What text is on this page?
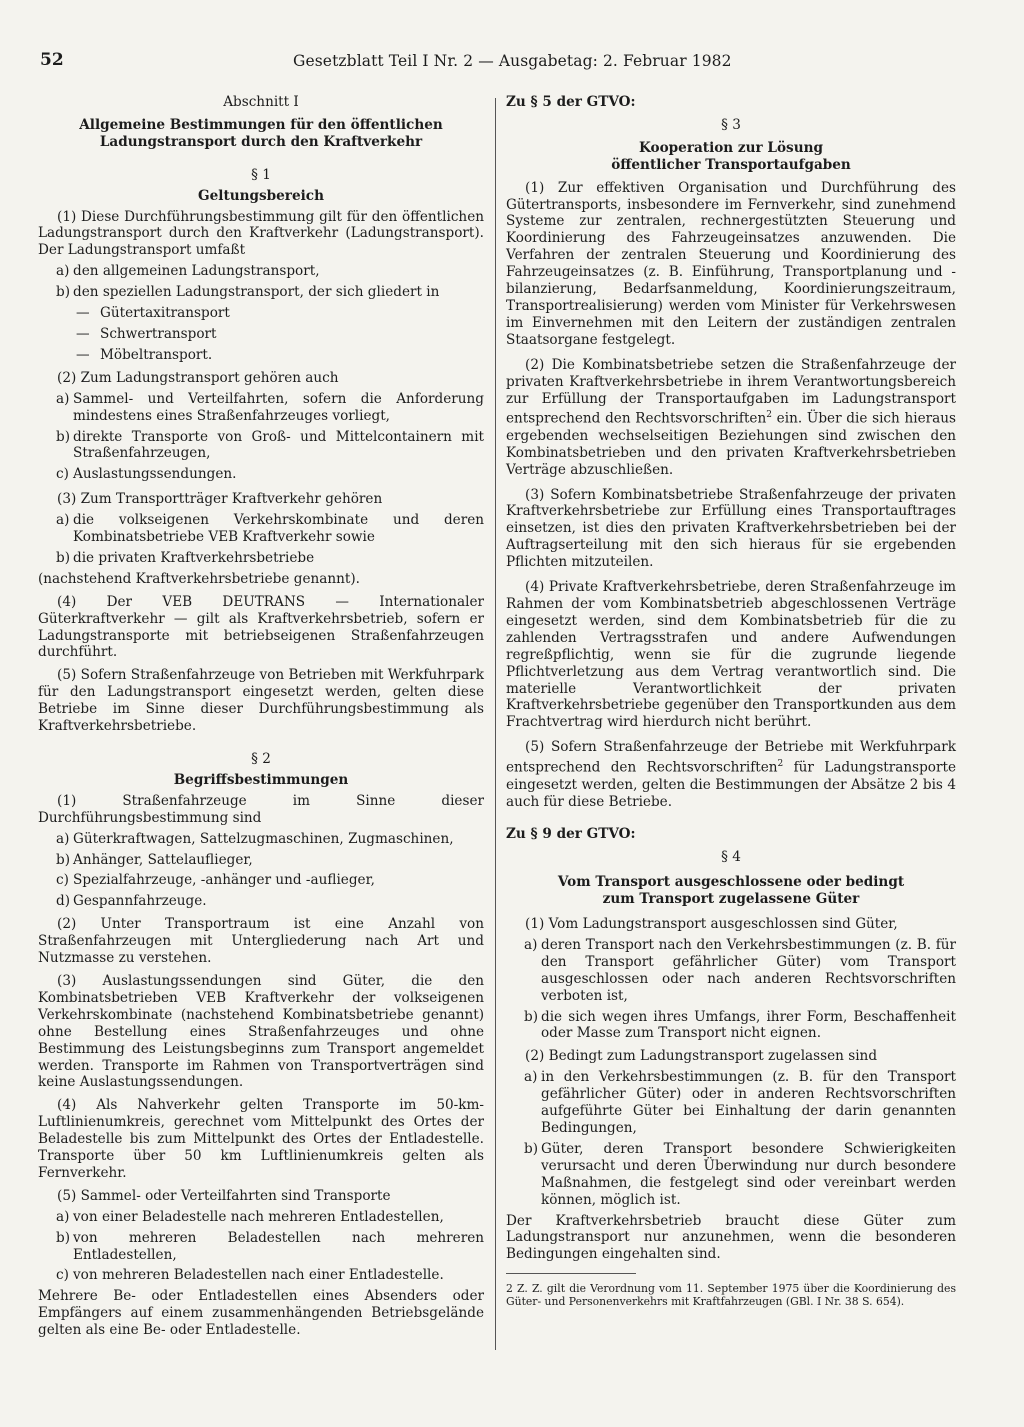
52	Gesetzblatt Teil I Nr. 2 — Ausgabetag: 2. Februar 1982

Abschnitt I

Allgemeine Bestimmungen für den öffentlichen

Ladungstransport durch den Kraftverkehr

§ 1

Geltungsbereich

(1) Diese Durchführungsbestimmung gilt für den öffentlichen Ladungstransport durch den Kraftverkehr (Ladungstransport). Der Ladungstransport umfaßt

a) den allgemeinen Ladungstransport,
b) den speziellen Ladungstransport, der sich gliedert in
— Gütertaxitransport
— Schwertransport
— Möbeltransport.

(2) Zum Ladungstransport gehören auch

a) Sammel- und Verteilfahrten, sofern die Anforderung mindestens eines Straßenfahrzeuges vorliegt,
b) direkte Transporte von Groß- und Mittelcontainern mit Straßenfahrzeugen,
c) Auslastungssendungen.

(3) Zum Transportträger Kraftverkehr gehören

a) die volkseigenen Verkehrskombinate und deren Kombinatsbetriebe VEB Kraftverkehr sowie
b) die privaten Kraftverkehrsbetriebe

(nachstehend Kraftverkehrsbetriebe genannt).

(4) Der VEB DEUTRANS — Internationaler Güterkraftverkehr — gilt als Kraftverkehrsbetrieb, sofern er Ladungstransporte mit betriebseigenen Straßenfahrzeugen durchführt.

(5) Sofern Straßenfahrzeuge von Betrieben mit Werkfuhrpark für den Ladungstransport eingesetzt werden, gelten diese Betriebe im Sinne dieser Durchführungsbestimmung als Kraftverkehrsbetriebe.

§ 2

Begriffsbestimmungen

(1) Straßenfahrzeuge im Sinne dieser Durchführungsbestimmung sind

a) Güterkraftwagen, Sattelzugmaschinen, Zugmaschinen,
b) Anhänger, Sattelauflieger,
c) Spezialfahrzeuge, -anhänger und -auflieger,
d) Gespannfahrzeuge.

(2) Unter Transportraum ist eine Anzahl von Straßenfahrzeugen mit Untergliederung nach Art und Nutzmasse zu verstehen.

(3) Auslastungssendungen sind Güter, die den Kombinatsbetrieben VEB Kraftverkehr der volkseigenen Verkehrskombinate (nachstehend Kombinatsbetriebe genannt) ohne Bestellung eines Straßenfahrzeuges und ohne Bestimmung des Leistungsbeginns zum Transport angemeldet werden. Transporte im Rahmen von Transportverträgen sind keine Auslastungssendungen.

(4) Als Nahverkehr gelten Transporte im 50-km-Luftlinienumkreis, gerechnet vom Mittelpunkt des Ortes der Beladestelle bis zum Mittelpunkt des Ortes der Entladestelle. Transporte über 50 km Luftlinienumkreis gelten als Fernverkehr.

(5) Sammel- oder Verteilfahrten sind Transporte

a) von einer Beladestelle nach mehreren Entladestellen,
b) von mehreren Beladestellen nach mehreren Entladestellen,
c) von mehreren Beladestellen nach einer Entladestelle.

Mehrere Be- oder Entladestellen eines Absenders oder Empfängers auf einem zusammenhängenden Betriebsgelände gelten als eine Be- oder Entladestelle.

Zu § 5 der GTVO:

§ 3

Kooperation zur Lösung

öffentlicher Transportaufgaben

(1) Zur effektiven Organisation und Durchführung des Gütertransports, insbesondere im Fernverkehr, sind zunehmend Systeme zur zentralen, rechnergestützten Steuerung und Koordinierung des Fahrzeugeinsatzes anzuwenden. Die Verfahren der zentralen Steuerung und Koordinierung des Fahrzeugeinsatzes (z. B. Einführung, Transportplanung und -bilanzierung, Bedarfsanmeldung, Koordinierungszeitraum, Transportrealisierung) werden vom Minister für Verkehrswesen im Einvernehmen mit den Leitern der zuständigen zentralen Staatsorgane festgelegt.

(2) Die Kombinatsbetriebe setzen die Straßenfahrzeuge der privaten Kraftverkehrsbetriebe in ihrem Verantwortungsbereich zur Erfüllung der Transportaufgaben im Ladungstransport entsprechend den Rechtsvorschriften$^2$ ein. Über die sich hieraus ergebenden wechselseitigen Beziehungen sind zwischen den Kombinatsbetrieben und den privaten Kraftverkehrsbetrieben Verträge abzuschließen.

(3) Sofern Kombinatsbetriebe Straßenfahrzeuge der privaten Kraftverkehrsbetriebe zur Erfüllung eines Transportauftrages einsetzen, ist dies den privaten Kraftverkehrsbetrieben bei der Auftragserteilung mit den sich hieraus für sie ergebenden Pflichten mitzuteilen.

(4) Private Kraftverkehrsbetriebe, deren Straßenfahrzeuge im Rahmen der vom Kombinatsbetrieb abgeschlossenen Verträge eingesetzt werden, sind dem Kombinatsbetrieb für die zu zahlenden Vertragsstrafen und andere Aufwendungen regreßpflichtig, wenn sie für die zugrunde liegende Pflichtverletzung aus dem Vertrag verantwortlich sind. Die materielle Verantwortlichkeit der privaten Kraftverkehrsbetriebe gegenüber den Transportkunden aus dem Frachtvertrag wird hierdurch nicht berührt.

(5) Sofern Straßenfahrzeuge der Betriebe mit Werkfuhrpark entsprechend den Rechtsvorschriften$^2$ für Ladungstransporte eingesetzt werden, gelten die Bestimmungen der Absätze 2 bis 4 auch für diese Betriebe.

Zu § 9 der GTVO:

§ 4

Vom Transport ausgeschlossene oder bedingt

zum Transport zugelassene Güter

(1) Vom Ladungstransport ausgeschlossen sind Güter,

a) deren Transport nach den Verkehrsbestimmungen (z. B. für den Transport gefährlicher Güter) vom Transport ausgeschlossen oder nach anderen Rechtsvorschriften verboten ist,
b) die sich wegen ihres Umfangs, ihrer Form, Beschaffenheit oder Masse zum Transport nicht eignen.

(2) Bedingt zum Ladungstransport zugelassen sind

a) in den Verkehrsbestimmungen (z. B. für den Transport gefährlicher Güter) oder in anderen Rechtsvorschriften aufgeführte Güter bei Einhaltung der darin genannten Bedingungen,
b) Güter, deren Transport besondere Schwierigkeiten verursacht und deren Überwindung nur durch besondere Maßnahmen, die festgelegt sind oder vereinbart werden können, möglich ist.

Der Kraftverkehrsbetrieb braucht diese Güter zum Ladungstransport nur anzunehmen, wenn die besonderen Bedingungen eingehalten sind.

2 Z. Z. gilt die Verordnung vom 11. September 1975 über die Koordinierung des Güter- und Personenverkehrs mit Kraftfahrzeugen (GBl. I Nr. 38 S. 654).
